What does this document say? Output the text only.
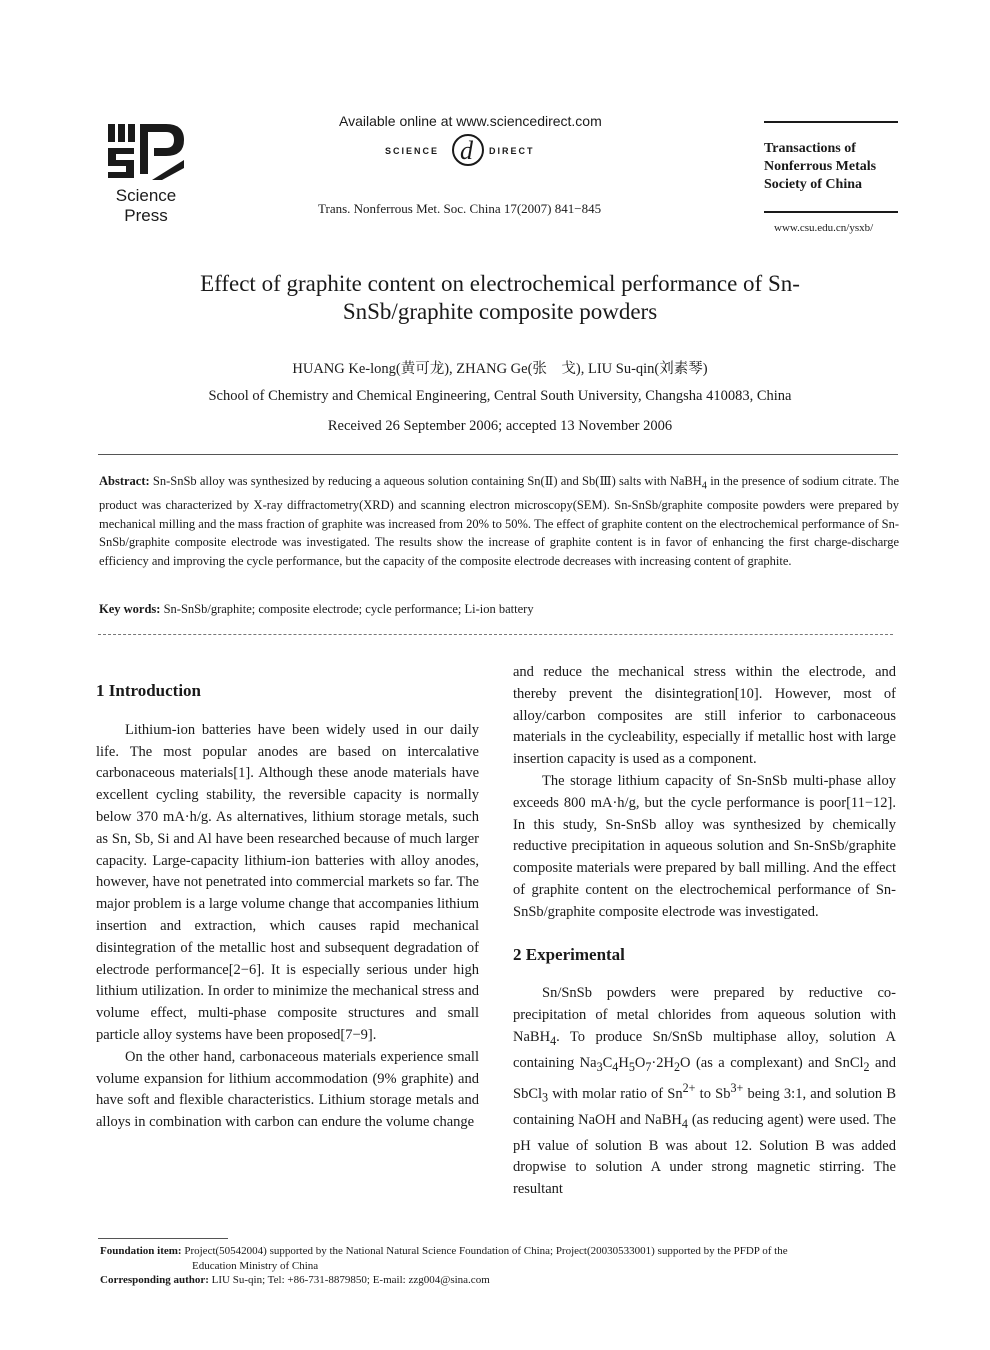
Science Press
Available online at www.sciencedirect.com
SCIENCE d DIRECT
Trans. Nonferrous Met. Soc. China 17(2007) 841−845
Transactions of Nonferrous Metals Society of China
www.csu.edu.cn/ysxb/
Effect of graphite content on electrochemical performance of Sn-SnSb/graphite composite powders
HUANG Ke-long(黄可龙), ZHANG Ge(张　戈), LIU Su-qin(刘素琴)
School of Chemistry and Chemical Engineering, Central South University, Changsha 410083, China
Received 26 September 2006; accepted 13 November 2006

Abstract: Sn-SnSb alloy was synthesized by reducing a aqueous solution containing Sn(Ⅱ) and Sb(Ⅲ) salts with NaBH$_4$ in the presence of sodium citrate. The product was characterized by X-ray diffractometry(XRD) and scanning electron microscopy(SEM). Sn-SnSb/graphite composite powders were prepared by mechanical milling and the mass fraction of graphite was increased from 20% to 50%. The effect of graphite content on the electrochemical performance of Sn-SnSb/graphite composite electrode was investigated. The results show the increase of graphite content is in favor of enhancing the first charge-discharge efficiency and improving the cycle performance, but the capacity of the composite electrode decreases with increasing content of graphite.

Key words: Sn-SnSb/graphite; composite electrode; cycle performance; Li-ion battery

1 Introduction

Lithium-ion batteries have been widely used in our daily life. The most popular anodes are based on intercalative carbonaceous materials[1]. Although these anode materials have excellent cycling stability, the reversible capacity is normally below 370 mA·h/g. As alternatives, lithium storage metals, such as Sn, Sb, Si and Al have been researched because of much larger capacity. Large-capacity lithium-ion batteries with alloy anodes, however, have not penetrated into commercial markets so far. The major problem is a large volume change that accompanies lithium insertion and extraction, which causes rapid mechanical disintegration of the metallic host and subsequent degradation of electrode performance[2−6]. It is especially serious under high lithium utilization. In order to minimize the mechanical stress and volume effect, multi-phase composite structures and small particle alloy systems have been proposed[7−9].

On the other hand, carbonaceous materials experience small volume expansion for lithium accommodation (9% graphite) and have soft and flexible characteristics. Lithium storage metals and alloys in combination with carbon can endure the volume change

and reduce the mechanical stress within the electrode, and thereby prevent the disintegration[10]. However, most of alloy/carbon composites are still inferior to carbonaceous materials in the cycleability, especially if metallic host with large insertion capacity is used as a component.

The storage lithium capacity of Sn-SnSb multi-phase alloy exceeds 800 mA·h/g, but the cycle performance is poor[11−12]. In this study, Sn-SnSb alloy was synthesized by chemically reductive precipitation in aqueous solution and Sn-SnSb/graphite composite materials were prepared by ball milling. And the effect of graphite content on the electrochemical performance of Sn-SnSb/graphite composite electrode was investigated.

2 Experimental

Sn/SnSb powders were prepared by reductive co-precipitation of metal chlorides from aqueous solution with NaBH$_4$. To produce Sn/SnSb multiphase alloy, solution A containing $Na_3C_4H_5O_7\cdot 2H_2O$ (as a complexant) and SnCl$_2$ and SbCl$_3$ with molar ratio of $Sn^{2+}$ to $Sb^{3+}$ being 3:1, and solution B containing NaOH and NaBH$_4$ (as reducing agent) were used. The pH value of solution B was about 12. Solution B was added dropwise to solution A under strong magnetic stirring. The resultant

Foundation item: Project(50542004) supported by the National Natural Science Foundation of China; Project(20030533001) supported by the PFDP of the
Education Ministry of China
Corresponding author: LIU Su-qin; Tel: +86-731-8879850; E-mail: zzg004@sina.com
